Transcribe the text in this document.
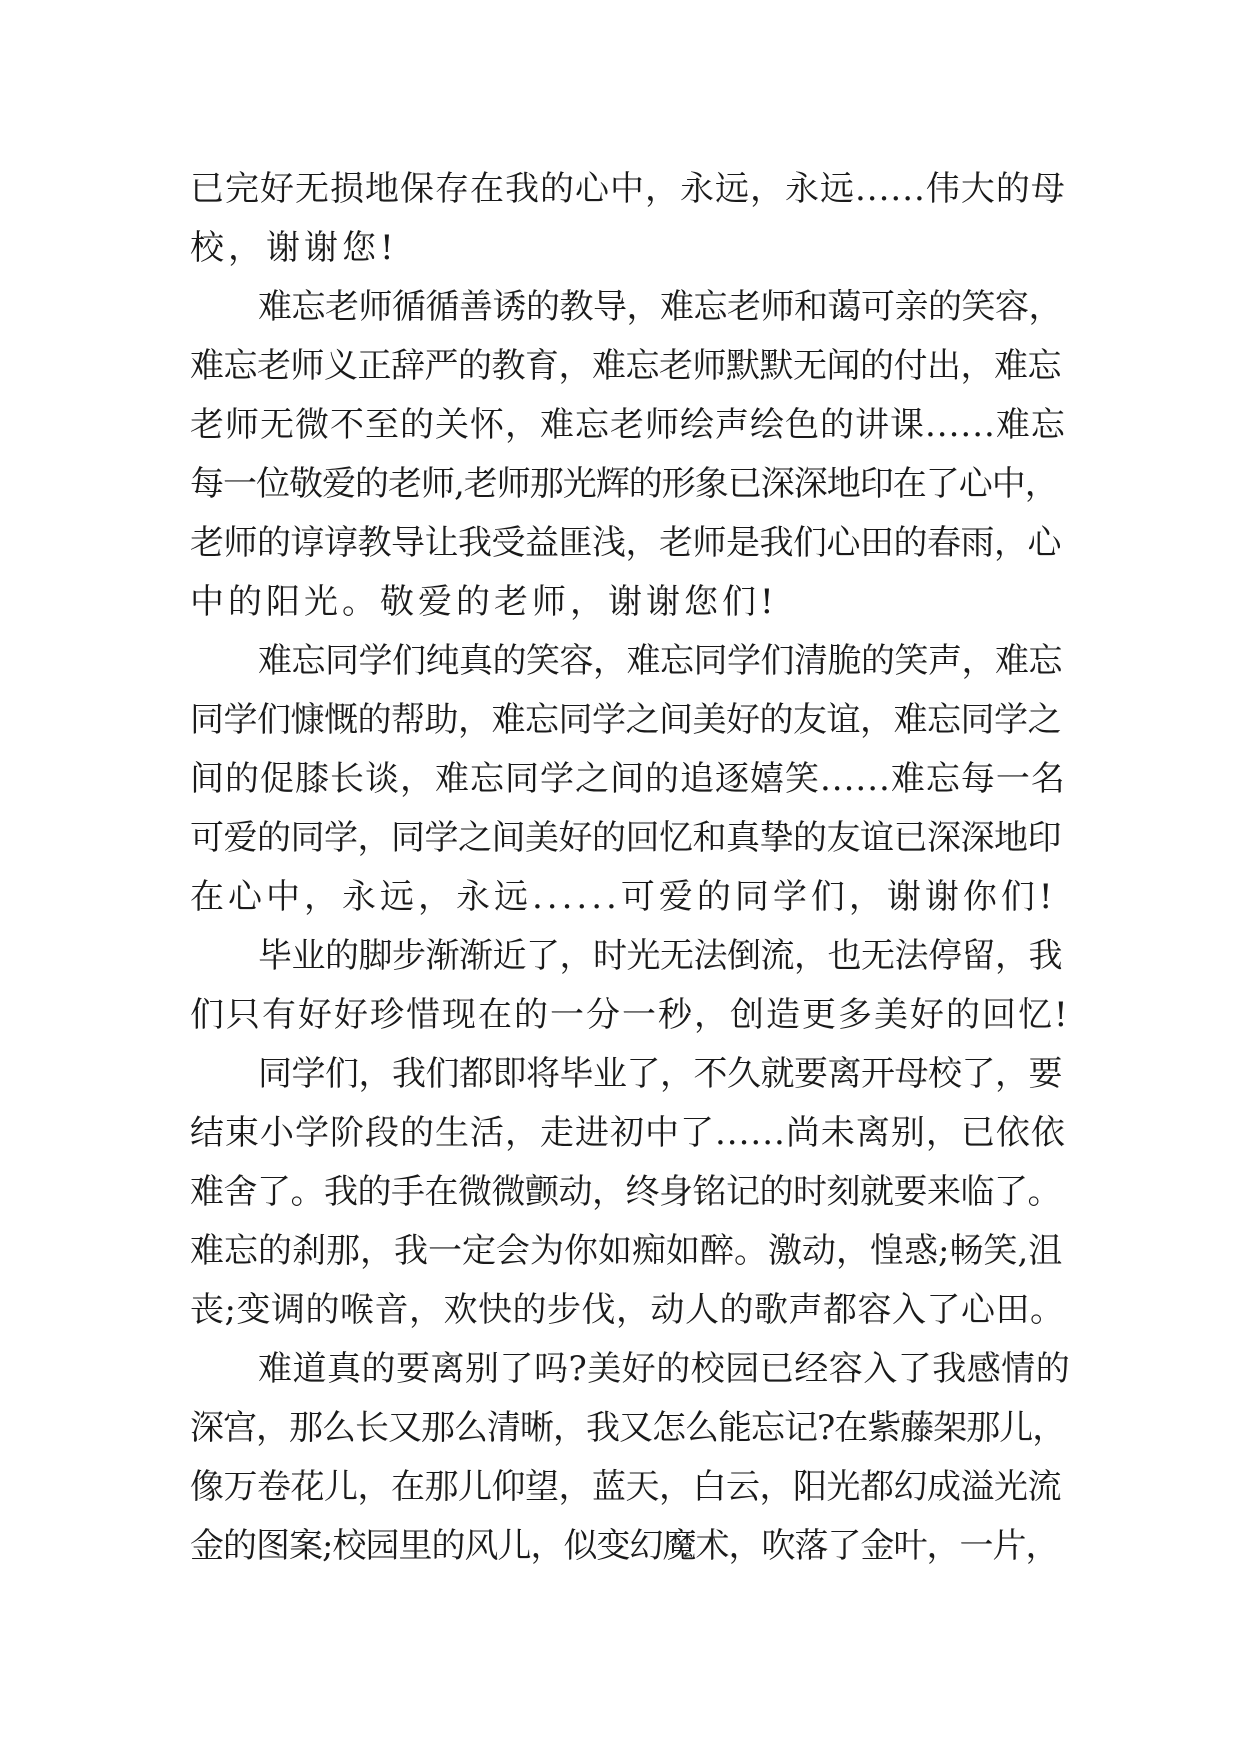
已完好无损地保存在我的心中，永远，永远......伟大的母
校，谢谢您!
难忘老师循循善诱的教导，难忘老师和蔼可亲的笑容，
难忘老师义正辞严的教育，难忘老师默默无闻的付出，难忘
老师无微不至的关怀，难忘老师绘声绘色的讲课......难忘
每一位敬爱的老师,老师那光辉的形象已深深地印在了心中，
老师的谆谆教导让我受益匪浅，老师是我们心田的春雨，心
中的阳光。敬爱的老师，谢谢您们!
难忘同学们纯真的笑容，难忘同学们清脆的笑声，难忘
同学们慷慨的帮助，难忘同学之间美好的友谊，难忘同学之
间的促膝长谈，难忘同学之间的追逐嬉笑......难忘每一名
可爱的同学，同学之间美好的回忆和真挚的友谊已深深地印
在心中，永远，永远......可爱的同学们，谢谢你们!
毕业的脚步渐渐近了，时光无法倒流，也无法停留，我
们只有好好珍惜现在的一分一秒，创造更多美好的回忆!
同学们，我们都即将毕业了，不久就要离开母校了，要
结束小学阶段的生活，走进初中了......尚未离别，已依依
难舍了。我的手在微微颤动，终身铭记的时刻就要来临了。
难忘的刹那，我一定会为你如痴如醉。激动，惶惑;畅笑,沮
丧;变调的喉音，欢快的步伐，动人的歌声都容入了心田。
难道真的要离别了吗?美好的校园已经容入了我感情的
深宫，那么长又那么清晰，我又怎么能忘记?在紫藤架那儿，
像万卷花儿，在那儿仰望，蓝天，白云，阳光都幻成溢光流
金的图案;校园里的风儿，似变幻魔术，吹落了金叶，一片，
